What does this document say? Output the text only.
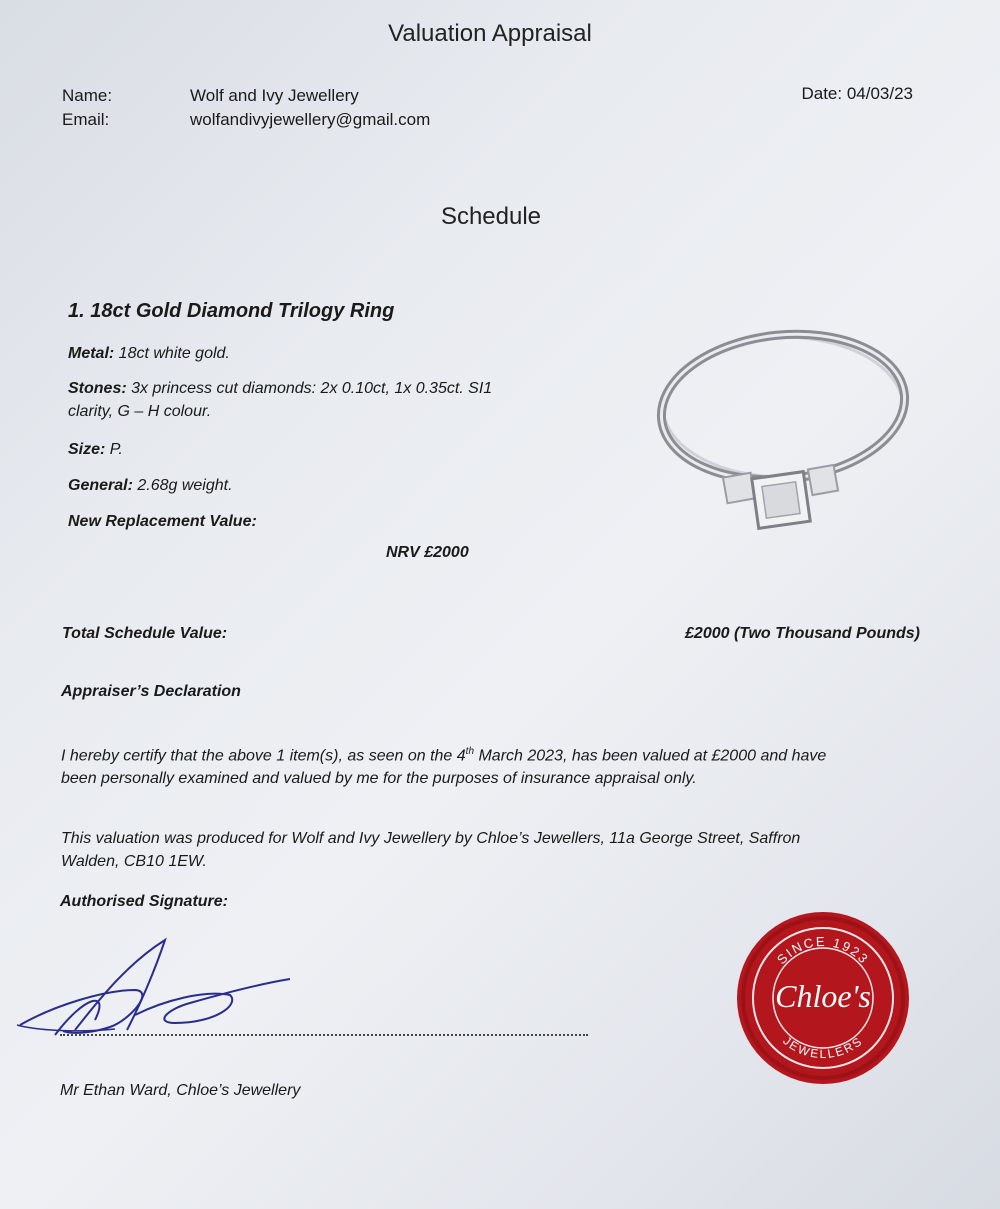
Valuation Appraisal
Name:	Wolf and Ivy Jewellery
Email:	wolfandivyjewellery@gmail.com
Date: 04/03/23
Schedule
1. 18ct Gold Diamond Trilogy Ring
Metal: 18ct white gold.
Stones: 3x princess cut diamonds: 2x 0.10ct, 1x 0.35ct. SI1
clarity, G – H colour.
Size: P.
General: 2.68g weight.
New Replacement Value:
NRV £2000
Total Schedule Value:	£2000 (Two Thousand Pounds)
Appraiser’s Declaration
I hereby certify that the above 1 item(s), as seen on the 4th March 2023, has been valued at £2000 and have
been personally examined and valued by me for the purposes of insurance appraisal only.
This valuation was produced for Wolf and Ivy Jewellery by Chloe’s Jewellers, 11a George Street, Saffron
Walden, CB10 1EW.
Authorised Signature:
Mr Ethan Ward, Chloe’s Jewellery
SINCE 1923
Chloe's
JEWELLERS
